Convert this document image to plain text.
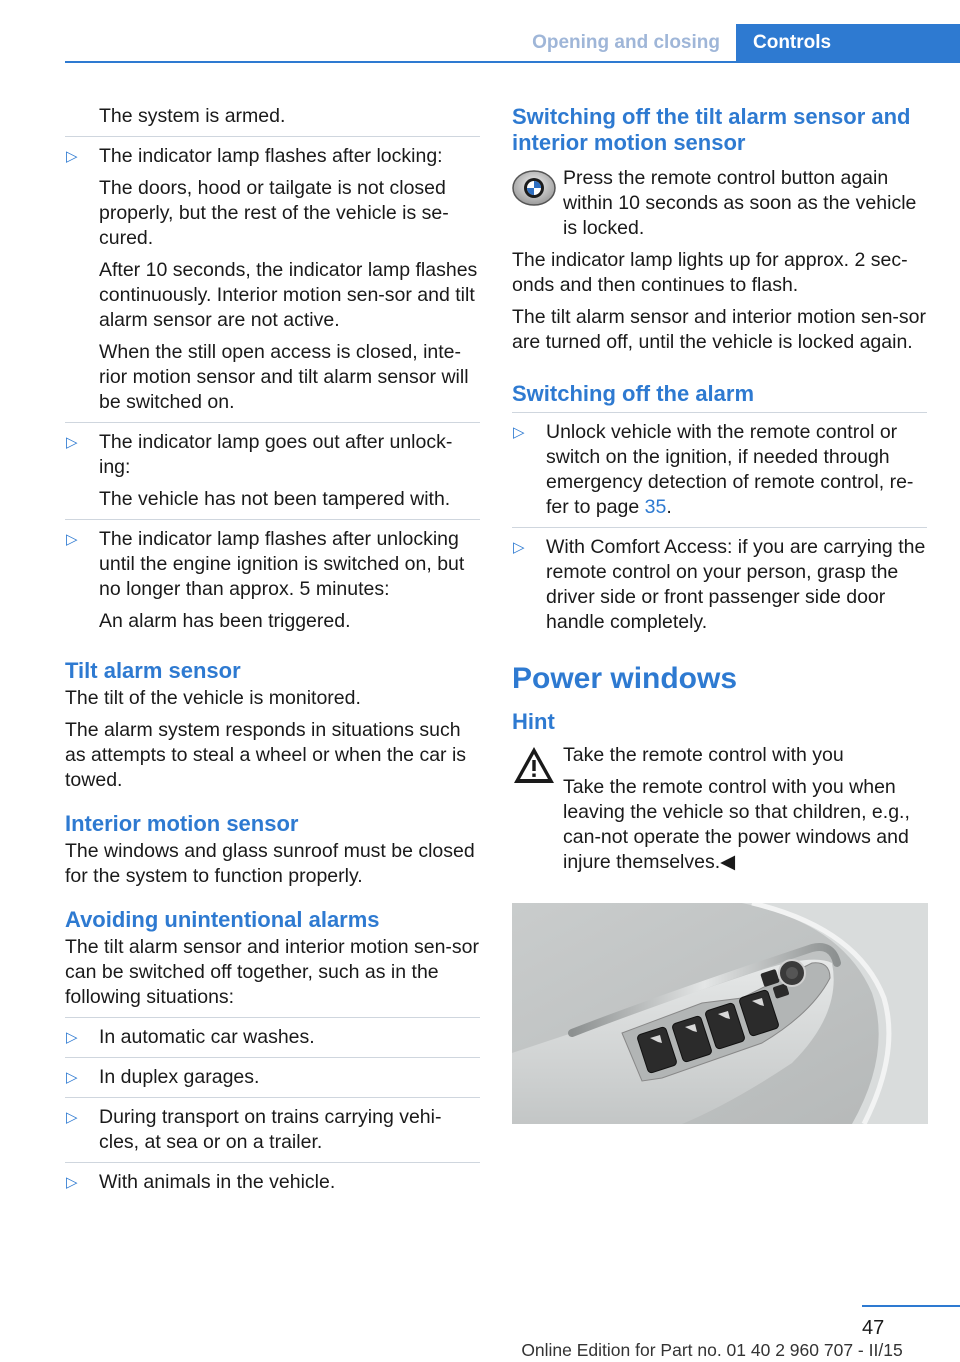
Opening and closing	Controls

The system is armed.

▷ The indicator lamp flashes after locking:

The doors, hood or tailgate is not closed properly, but the rest of the vehicle is se-cured.

After 10 seconds, the indicator lamp flashes continuously. Interior motion sen-sor and tilt alarm sensor are not active.

When the still open access is closed, inte-rior motion sensor and tilt alarm sensor will be switched on.

▷ The indicator lamp goes out after unlock-ing:

The vehicle has not been tampered with.

▷ The indicator lamp flashes after unlocking until the engine ignition is switched on, but no longer than approx. 5 minutes:

An alarm has been triggered.

Tilt alarm sensor

The tilt of the vehicle is monitored.

The alarm system responds in situations such as attempts to steal a wheel or when the car is towed.

Interior motion sensor

The windows and glass sunroof must be closed for the system to function properly.

Avoiding unintentional alarms

The tilt alarm sensor and interior motion sen-sor can be switched off together, such as in the following situations:

▷ In automatic car washes.

▷ In duplex garages.

▷ During transport on trains carrying vehi-cles, at sea or on a trailer.

▷ With animals in the vehicle.

Switching off the tilt alarm sensor and interior motion sensor

Press the remote control button again within 10 seconds as soon as the vehicle is locked.

The indicator lamp lights up for approx. 2 sec-onds and then continues to flash.

The tilt alarm sensor and interior motion sen-sor are turned off, until the vehicle is locked again.

Switching off the alarm
▷ Unlock vehicle with the remote control or switch on the ignition, if needed through emergency detection of remote control, re-fer to page 35.

▷ With Comfort Access: if you are carrying the remote control on your person, grasp the driver side or front passenger side door handle completely.

Power windows
Hint

Take the remote control with you

Take the remote control with you when leaving the vehicle so that children, e.g., can-not operate the power windows and injure themselves.◀

47
Online Edition for Part no. 01 40 2 960 707 - II/15
